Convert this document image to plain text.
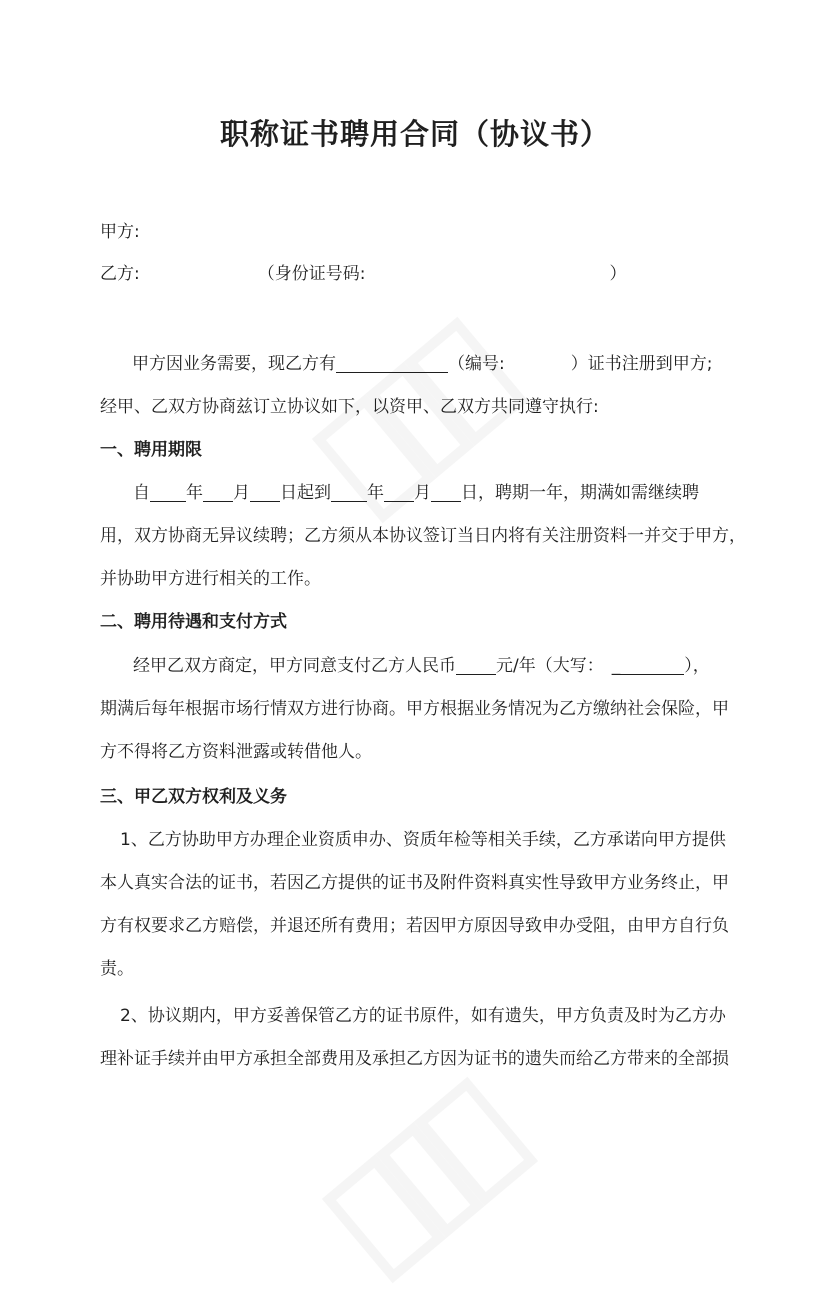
职称证书聘用合同（协议书）
甲方:
乙方:	（身份证号码:	）
甲方因业务需要，现乙方有	（编号:	）证书注册到甲方;
经甲、乙双方协商兹订立协议如下，以资甲、乙双方共同遵守执行:
一、聘用期限
自 年 月 日起到 年 月 日，聘期一年，期满如需继续聘
用，双方协商无异议续聘；乙方须从本协议签订当日内将有关注册资料一并交于甲方，
并协助甲方进行相关的工作。
二、聘用待遇和支付方式
经甲乙双方商定，甲方同意支付乙方人民币 元/年（大写： _	），
期满后每年根据市场行情双方进行协商。甲方根据业务情况为乙方缴纳社会保险，甲
方不得将乙方资料泄露或转借他人。
三、甲乙双方权利及义务
1、乙方协助甲方办理企业资质申办、资质年检等相关手续，乙方承诺向甲方提供
本人真实合法的证书，若因乙方提供的证书及附件资料真实性导致甲方业务终止，甲
方有权要求乙方赔偿，并退还所有费用；若因甲方原因导致申办受阻，由甲方自行负
责。
2、协议期内，甲方妥善保管乙方的证书原件，如有遗失，甲方负责及时为乙方办
理补证手续并由甲方承担全部费用及承担乙方因为证书的遗失而给乙方带来的全部损
